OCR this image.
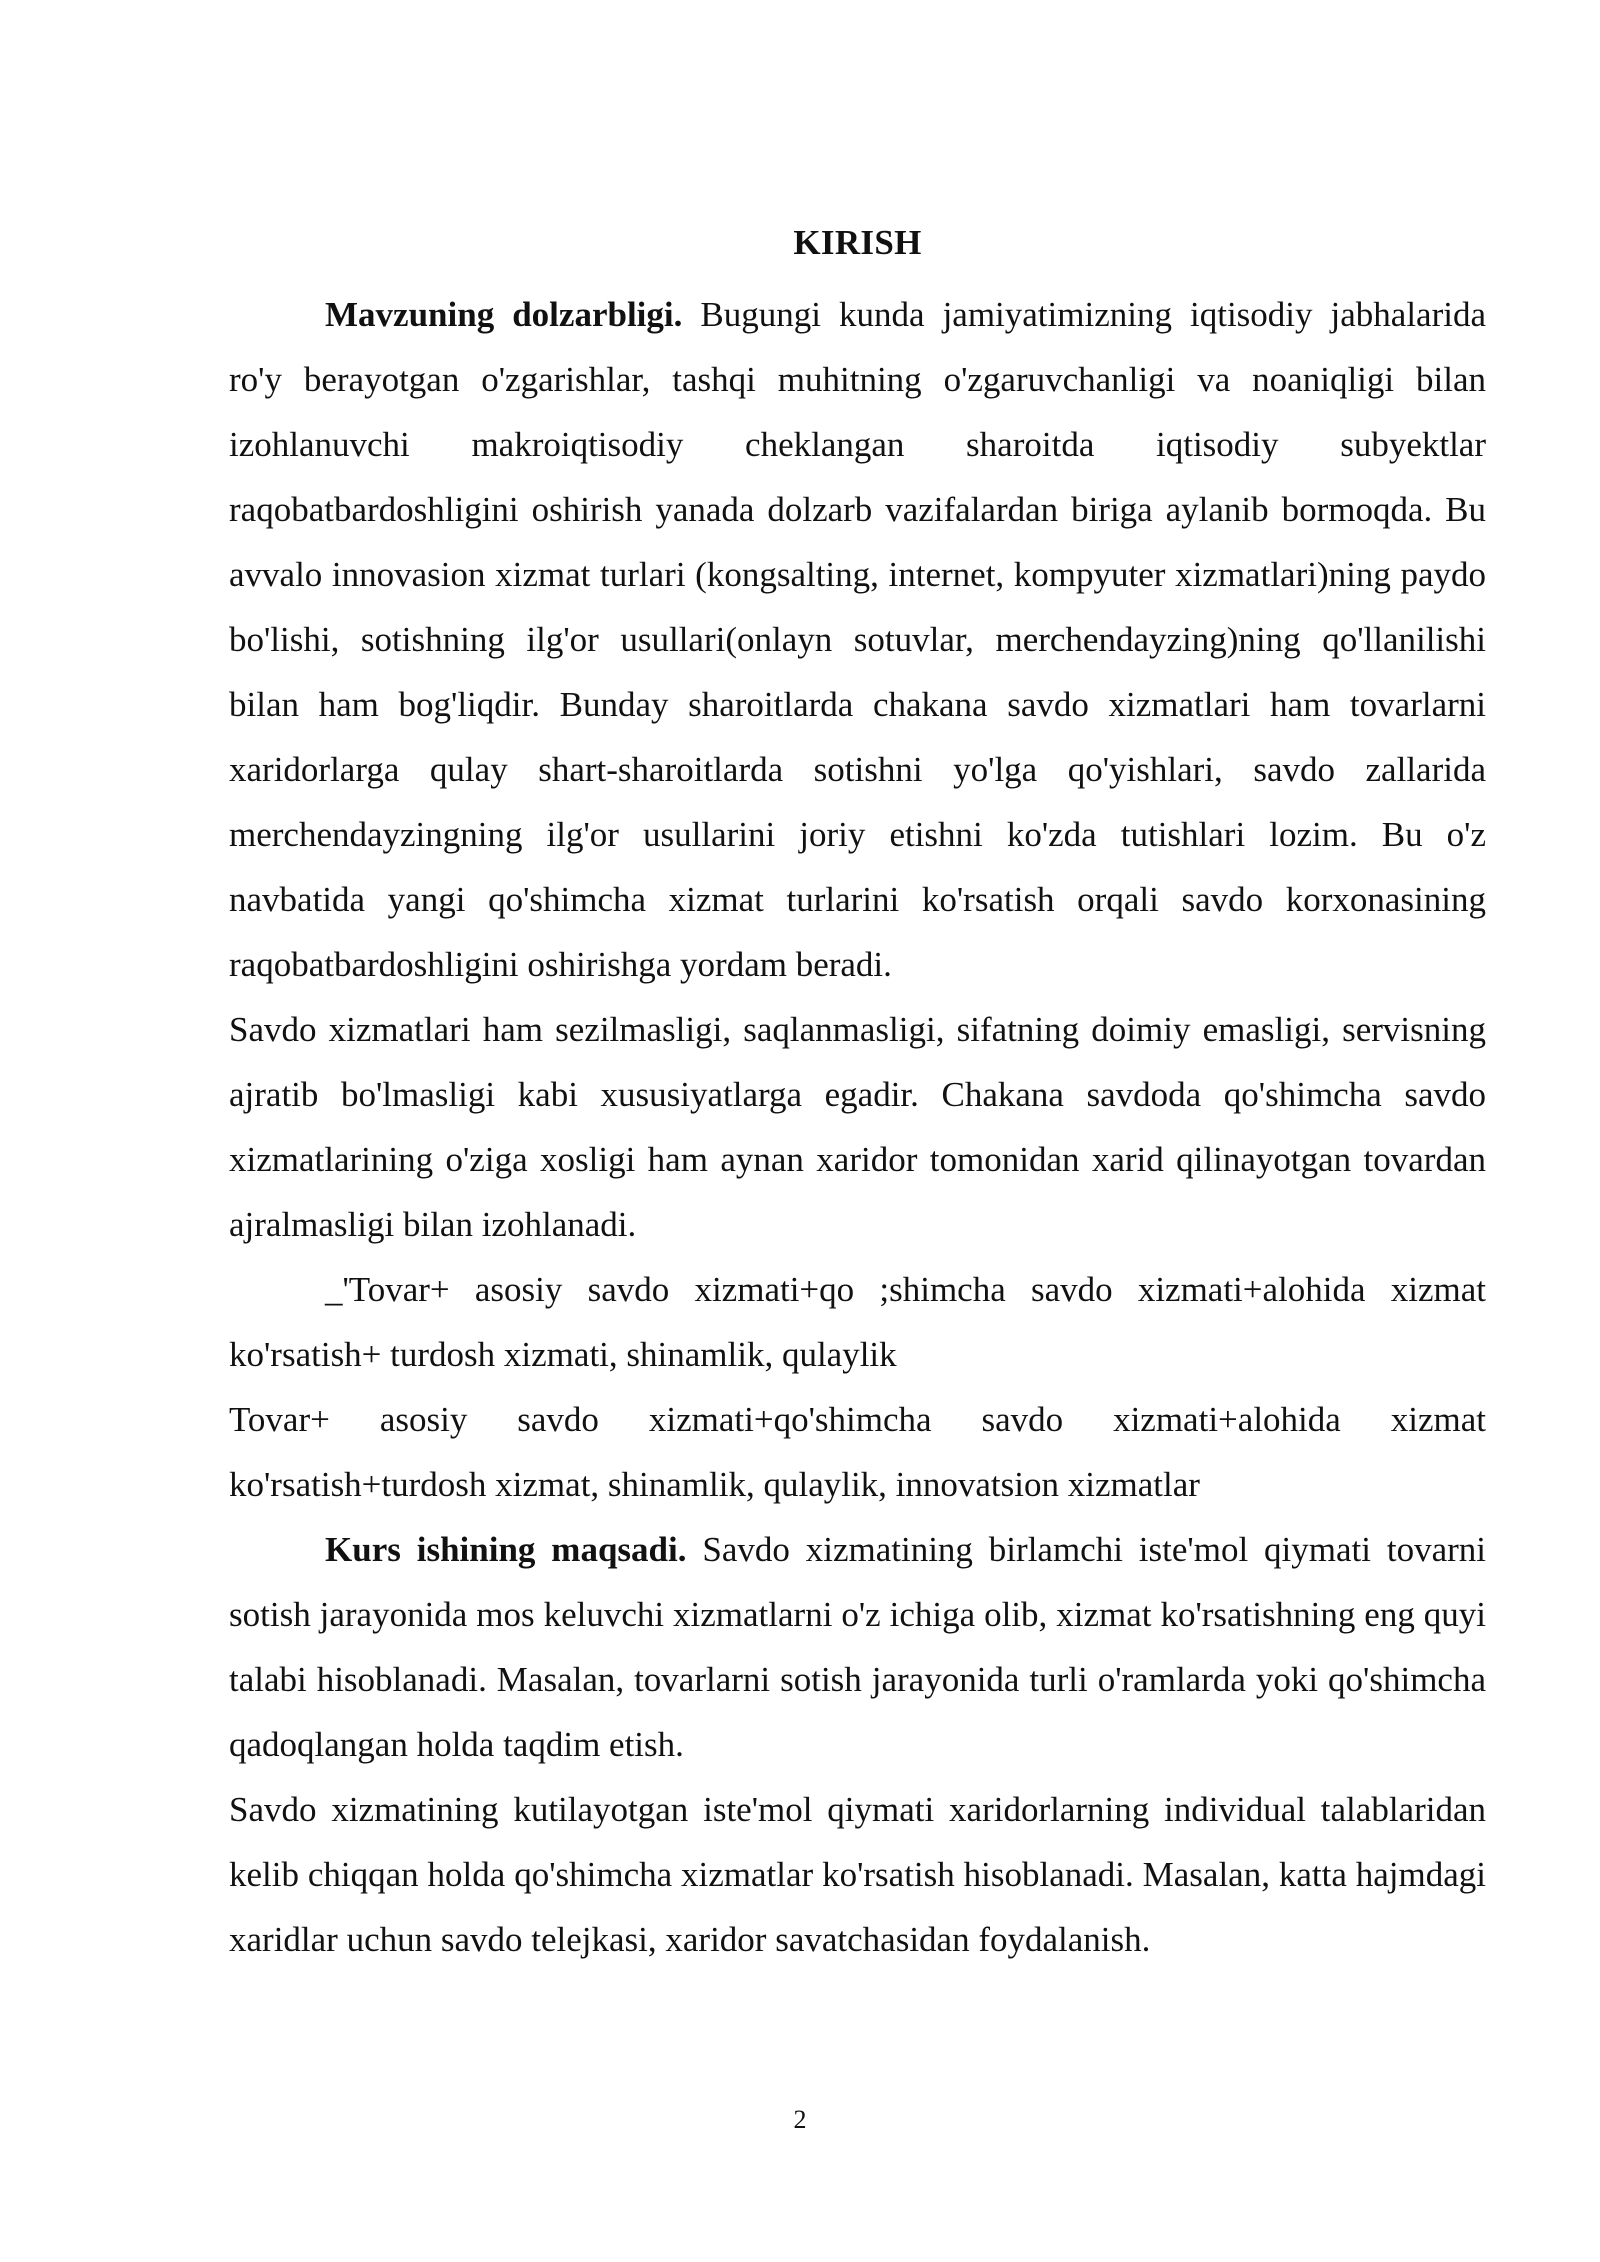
KIRISH

Mavzuning dolzarbligi. Bugungi kunda jamiyatimizning iqtisodiy jabhalarida ro'y berayotgan o'zgarishlar, tashqi muhitning o'zgaruvchanligi va noaniqligi bilan izohlanuvchi makroiqtisodiy cheklangan sharoitda iqtisodiy subyektlar raqobatbardoshligini oshirish yanada dolzarb vazifalardan biriga aylanib bormoqda. Bu avvalo innovasion xizmat turlari (kongsalting, internet, kompyuter xizmatlari)ning paydo bo'lishi, sotishning ilg'or usullari(onlayn sotuvlar, merchendayzing)ning qo'llanilishi bilan ham bog'liqdir. Bunday sharoitlarda chakana savdo xizmatlari ham tovarlarni xaridorlarga qulay shart-sharoitlarda sotishni yo'lga qo'yishlari, savdo zallarida merchendayzingning ilg'or usullarini joriy etishni ko'zda tutishlari lozim. Bu o'z navbatida yangi qo'shimcha xizmat turlarini ko'rsatish orqali savdo korxonasining raqobatbardoshligini oshirishga yordam beradi.

Savdo xizmatlari ham sezilmasligi, saqlanmasligi, sifatning doimiy emasligi, servisning ajratib bo'lmasligi kabi xususiyatlarga egadir. Chakana savdoda qo'shimcha savdo xizmatlarining o'ziga xosligi ham aynan xaridor tomonidan xarid qilinayotgan tovardan ajralmasligi bilan izohlanadi.

_'Tovar+ asosiy savdo xizmati+qo ;shimcha savdo xizmati+alohida xizmat ko'rsatish+ turdosh xizmati, shinamlik, qulaylik

Tovar+ asosiy savdo xizmati+qo'shimcha savdo xizmati+alohida xizmat ko'rsatish+turdosh xizmat, shinamlik, qulaylik, innovatsion xizmatlar

Kurs ishining maqsadi. Savdo xizmatining birlamchi iste'mol qiymati tovarni sotish jarayonida mos keluvchi xizmatlarni o'z ichiga olib, xizmat ko'rsatishning eng quyi talabi hisoblanadi. Masalan, tovarlarni sotish jarayonida turli o'ramlarda yoki qo'shimcha qadoqlangan holda taqdim etish.

Savdo xizmatining kutilayotgan iste'mol qiymati xaridorlarning individual talablaridan kelib chiqqan holda qo'shimcha xizmatlar ko'rsatish hisoblanadi. Masalan, katta hajmdagi xaridlar uchun savdo telejkasi, xaridor savatchasidan foydalanish.

2
